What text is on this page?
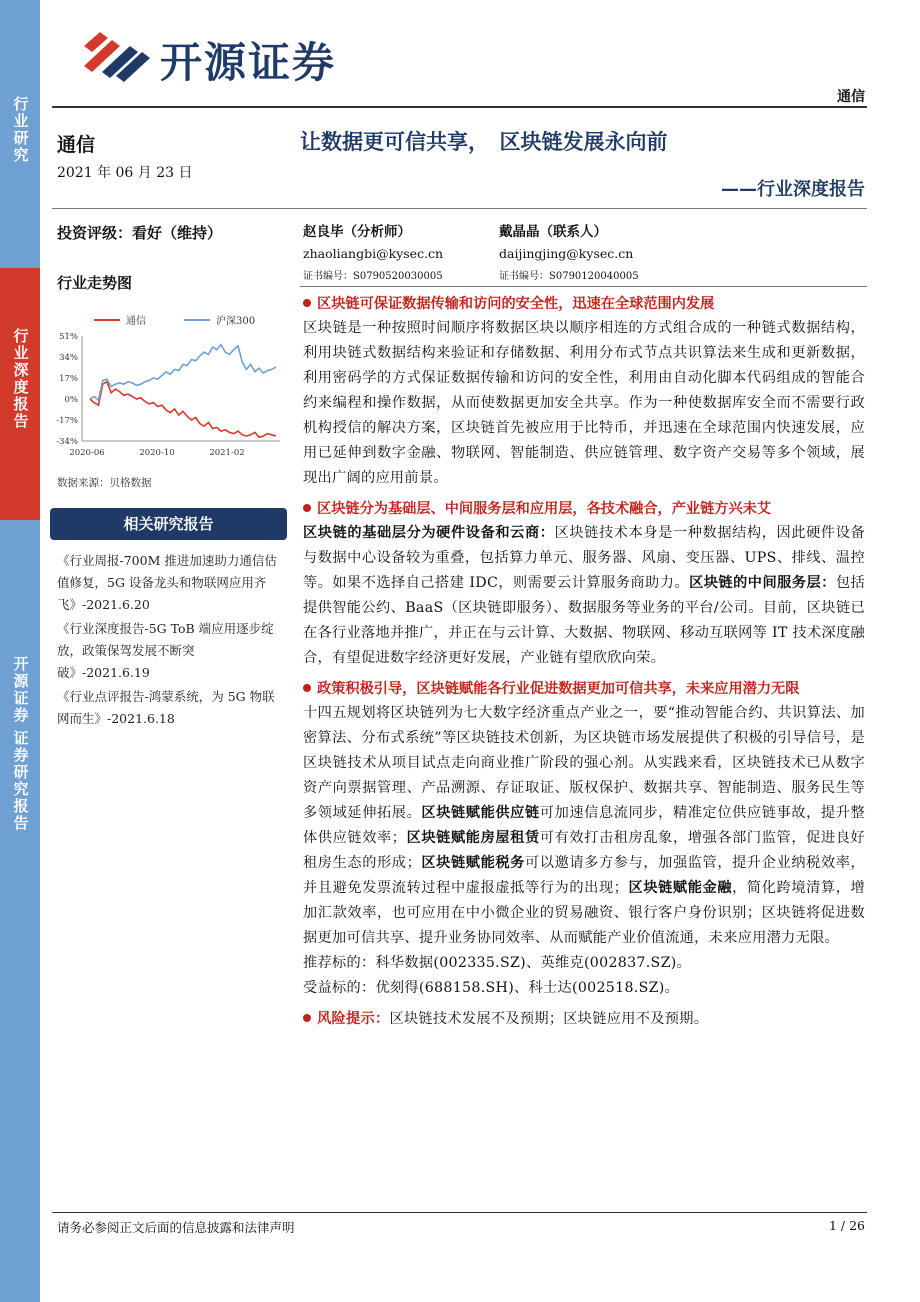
行业研究
行业深度报告
开源证券
证券研究报告
开源证券
通信
通信
2021 年 06 月 23 日
让数据更可信共享，　区块链发展永向前
——行业深度报告
投资评级：看好（维持）	赵良毕（分析师）
zhaoliangbi@kysec.cn
证书编号：S0790520030005
戴晶晶（联系人）
daijingjing@kysec.cn
证书编号：S0790120040005
行业走势图
51%
34%
17%
0%
-17%
-34%
2020-06	2020-10	2021-02
通信	沪深300
数据来源：贝格数据
相关研究报告
《行业周报-700M 推进加速助力通信估值修复，5G 设备龙头和物联网应用齐飞》-2021.6.20
《行业深度报告-5G ToB 端应用逐步绽放，政策保驾发展不断突破》-2021.6.19
《行业点评报告-鸿蒙系统，为 5G 物联网而生》-2021.6.18
区块链可保证数据传输和访问的安全性，迅速在全球范围内发展

区块链是一种按照时间顺序将数据区块以顺序相连的方式组合成的一种链式数据结构，利用块链式数据结构来验证和存储数据、利用分布式节点共识算法来生成和更新数据，利用密码学的方式保证数据传输和访问的安全性，利用由自动化脚本代码组成的智能合约来编程和操作数据，从而使数据更加安全共享。作为一种使数据库安全而不需要行政机构授信的解决方案，区块链首先被应用于比特币，并迅速在全球范围内快速发展，应用已延伸到数字金融、物联网、智能制造、供应链管理、数字资产交易等多个领域，展现出广阔的应用前景。

区块链分为基础层、中间服务层和应用层，各技术融合，产业链方兴未艾

区块链的基础层分为硬件设备和云商：区块链技术本身是一种数据结构，因此硬件设备与数据中心设备较为重叠，包括算力单元、服务器、风扇、变压器、UPS、排线、温控等。如果不选择自己搭建 IDC，则需要云计算服务商助力。区块链的中间服务层：包括提供智能公约、BaaS（区块链即服务）、数据服务等业务的平台/公司。目前，区块链已在各行业落地并推广，并正在与云计算、大数据、物联网、移动互联网等 IT 技术深度融合，有望促进数字经济更好发展，产业链有望欣欣向荣。

政策积极引导，区块链赋能各行业促进数据更加可信共享，未来应用潜力无限

十四五规划将区块链列为七大数字经济重点产业之一，要“推动智能合约、共识算法、加密算法、分布式系统”等区块链技术创新，为区块链市场发展提供了积极的引导信号，是区块链技术从项目试点走向商业推广阶段的强心剂。从实践来看，区块链技术已从数字资产向票据管理、产品溯源、存证取证、版权保护、数据共享、智能制造、服务民生等多领域延伸拓展。区块链赋能供应链可加速信息流同步，精准定位供应链事故，提升整体供应链效率；区块链赋能房屋租赁可有效打击租房乱象，增强各部门监管，促进良好租房生态的形成；区块链赋能税务可以邀请多方参与，加强监管，提升企业纳税效率，并且避免发票流转过程中虚报虚抵等行为的出现；区块链赋能金融，简化跨境清算，增加汇款效率，也可应用在中小微企业的贸易融资、银行客户身份识别；区块链将促进数据更加可信共享、提升业务协同效率、从而赋能产业价值流通，未来应用潜力无限。

推荐标的：科华数据(002335.SZ)、英维克(002837.SZ)。

受益标的：优刻得(688158.SH)、科士达(002518.SZ)。

风险提示：区块链技术发展不及预期；区块链应用不及预期。

请务必参阅正文后面的信息披露和法律声明	1 / 26
